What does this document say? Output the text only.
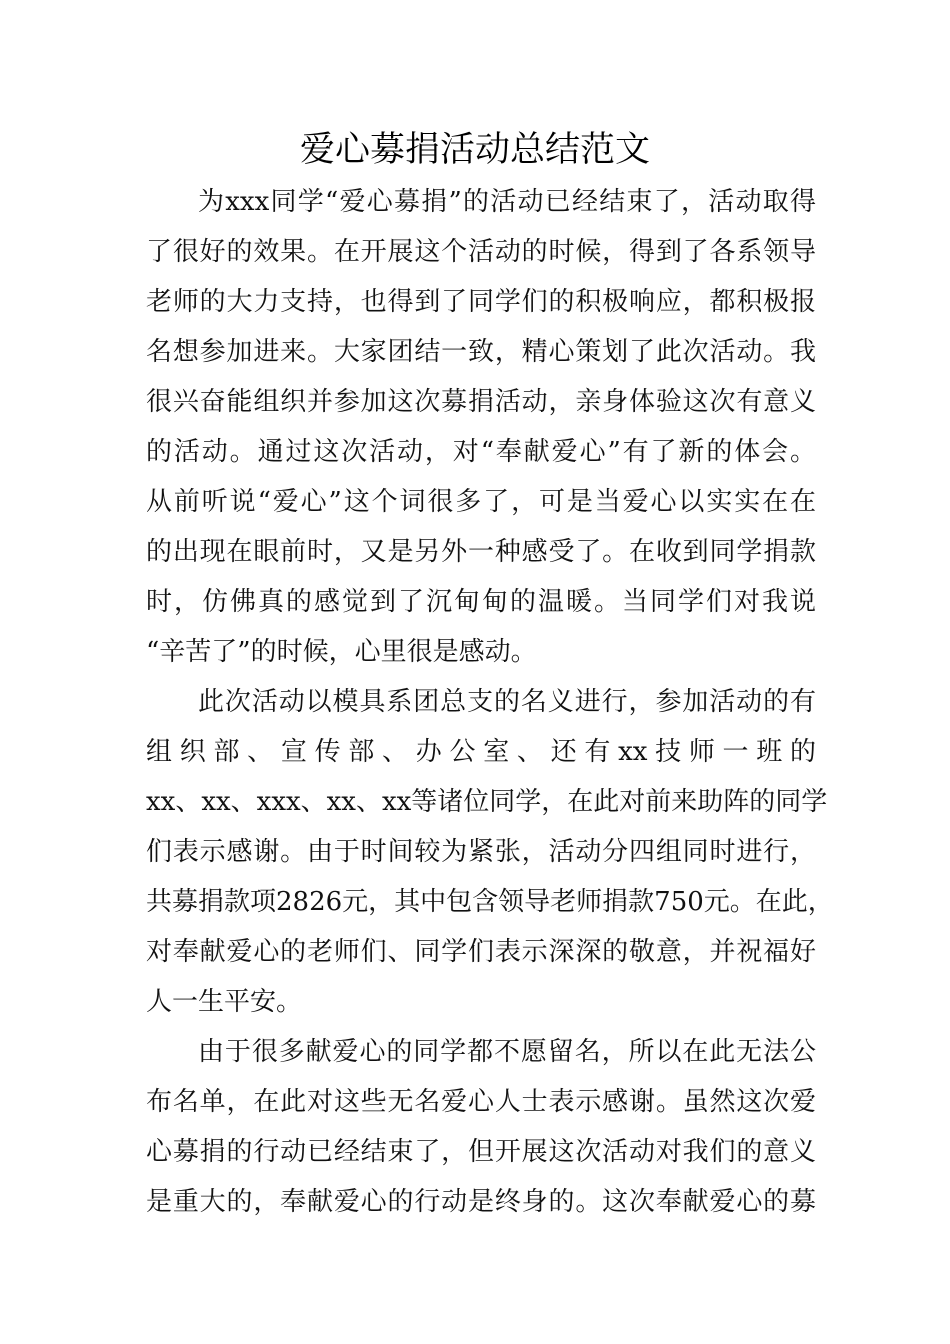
爱心募捐活动总结范文
为xxx同学“爱心募捐”的活动已经结束了，活动取得
了很好的效果。在开展这个活动的时候，得到了各系领导
老师的大力支持，也得到了同学们的积极响应，都积极报
名想参加进来。大家团结一致，精心策划了此次活动。我
很兴奋能组织并参加这次募捐活动，亲身体验这次有意义
的活动。通过这次活动，对“奉献爱心”有了新的体会。
从前听说“爱心”这个词很多了，可是当爱心以实实在在
的出现在眼前时，又是另外一种感受了。在收到同学捐款
时，仿佛真的感觉到了沉甸甸的温暖。当同学们对我说
“辛苦了”的时候，心里很是感动。
此次活动以模具系团总支的名义进行，参加活动的有
组织部、宣传部、办公室、还有xx技师一班的
xx、xx、xxx、xx、xx等诸位同学，在此对前来助阵的同学
们表示感谢。由于时间较为紧张，活动分四组同时进行，
共募捐款项2826元，其中包含领导老师捐款750元。在此，
对奉献爱心的老师们、同学们表示深深的敬意，并祝福好
人一生平安。
由于很多献爱心的同学都不愿留名，所以在此无法公
布名单，在此对这些无名爱心人士表示感谢。虽然这次爱
心募捐的行动已经结束了，但开展这次活动对我们的意义
是重大的，奉献爱心的行动是终身的。这次奉献爱心的募
